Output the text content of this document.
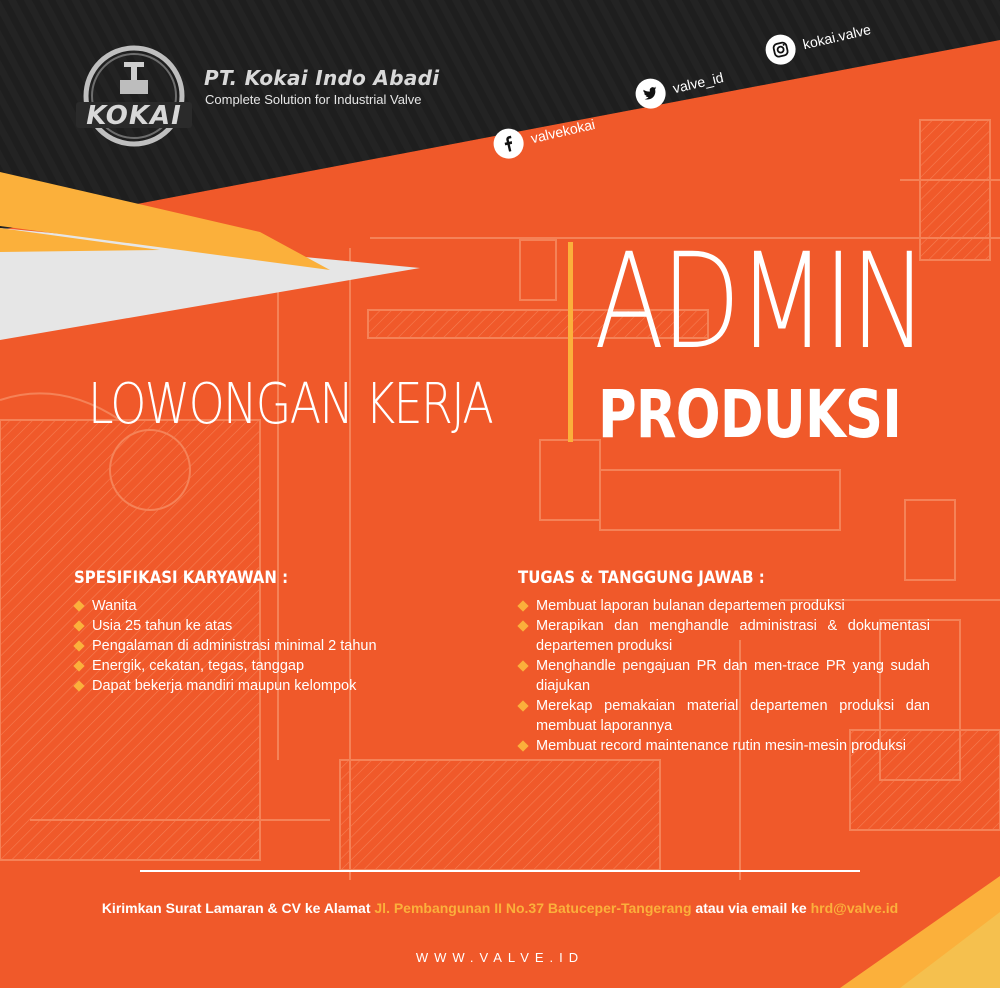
KOKAI
PT. Kokai Indo Abadi
Complete Solution for Industrial Valve
kokai.valve
valve_id
valvekokai
LOWONGAN KERJA
ADMIN
PRODUKSI
SPESIFIKASI KARYAWAN :
Wanita
Usia 25 tahun ke atas
Pengalaman di administrasi minimal 2 tahun
Energik, cekatan, tegas, tanggap
Dapat bekerja mandiri maupun kelompok
TUGAS & TANGGUNG JAWAB :
Membuat laporan bulanan departemen produksi
Merapikan dan menghandle administrasi & dokumentasi departemen produksi
Menghandle pengajuan PR dan men-trace PR yang sudah diajukan
Merekap pemakaian material departemen produksi dan membuat laporannya
Membuat record maintenance rutin mesin-mesin produksi
Kirimkan Surat Lamaran & CV ke Alamat Jl. Pembangunan II No.37 Batuceper-Tangerang atau via email ke hrd@valve.id
WWW.VALVE.ID
